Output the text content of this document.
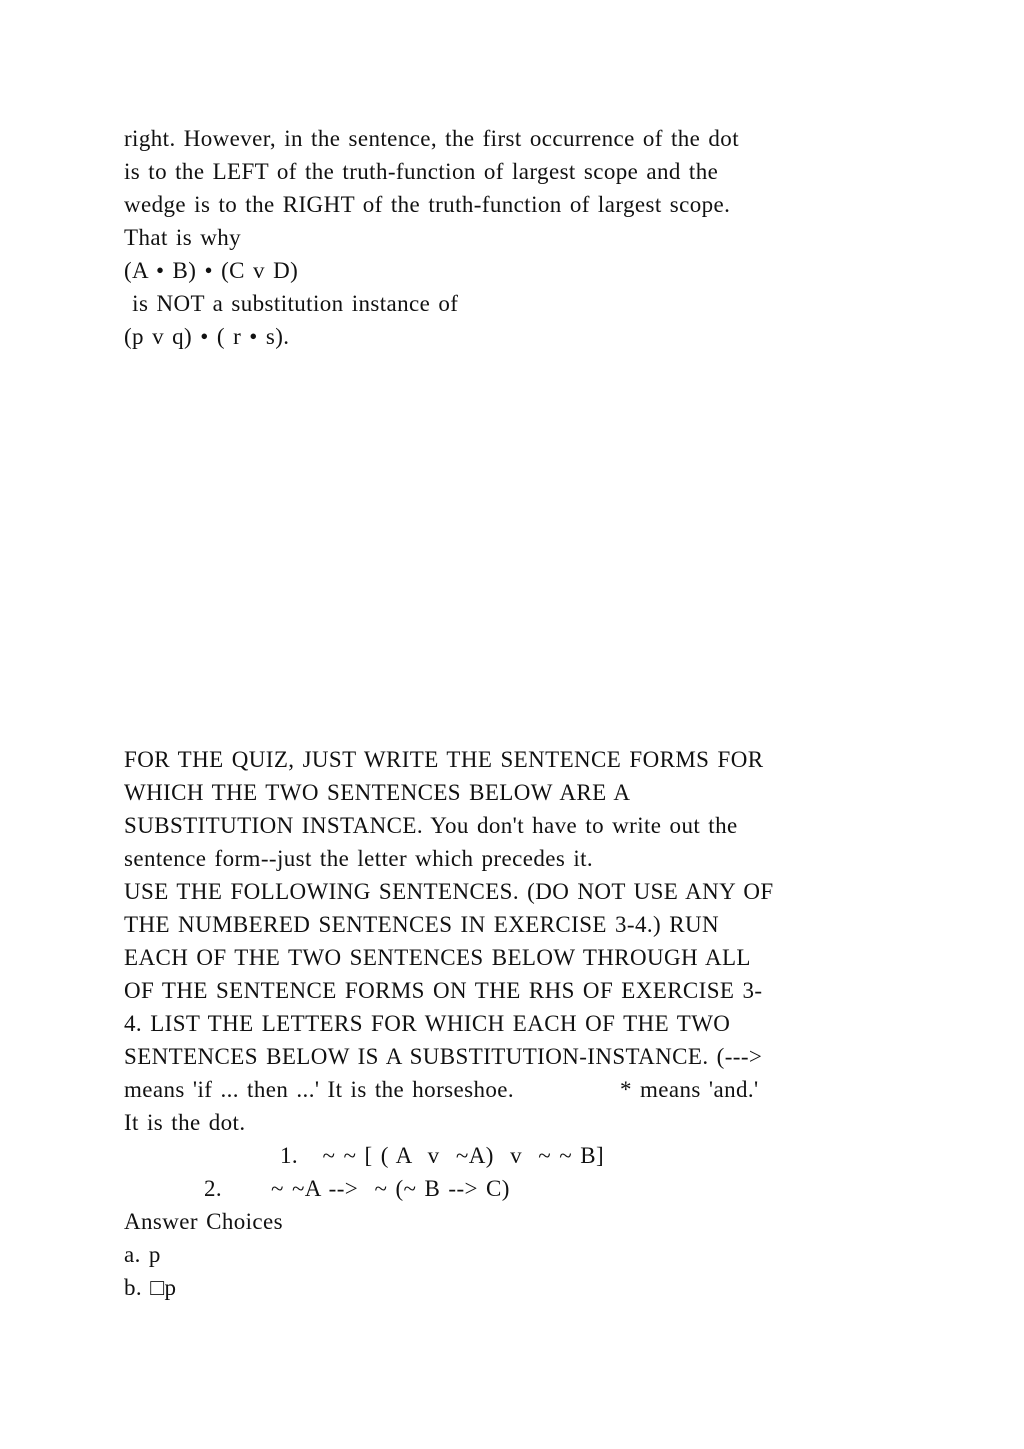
right. However, in the sentence, the first occurrence of the dot
is to the LEFT of the truth-function of largest scope and the
wedge is to the RIGHT of the truth-function of largest scope.
That is why
(A • B) • (C v D)
is NOT a substitution instance of
(p v q) • ( r • s).
FOR THE QUIZ, JUST WRITE THE SENTENCE FORMS FOR
WHICH THE TWO SENTENCES BELOW ARE A
SUBSTITUTION INSTANCE. You don't have to write out the
sentence form--just the letter which precedes it.
USE THE FOLLOWING SENTENCES. (DO NOT USE ANY OF
THE NUMBERED SENTENCES IN EXERCISE 3-4.) RUN
EACH OF THE TWO SENTENCES BELOW THROUGH ALL
OF THE SENTENCE FORMS ON THE RHS OF EXERCISE 3-
4. LIST THE LETTERS FOR WHICH EACH OF THE TWO
SENTENCES BELOW IS A SUBSTITUTION-INSTANCE. (--->
means 'if ... then ...' It is the horseshoe.             * means 'and.'
It is the dot.
1.   ~ ~ [ ( A  v  ~A)  v  ~ ~ B]
2.      ~ ~A -->  ~ (~ B --> C)
Answer Choices
a. p
b. □p
